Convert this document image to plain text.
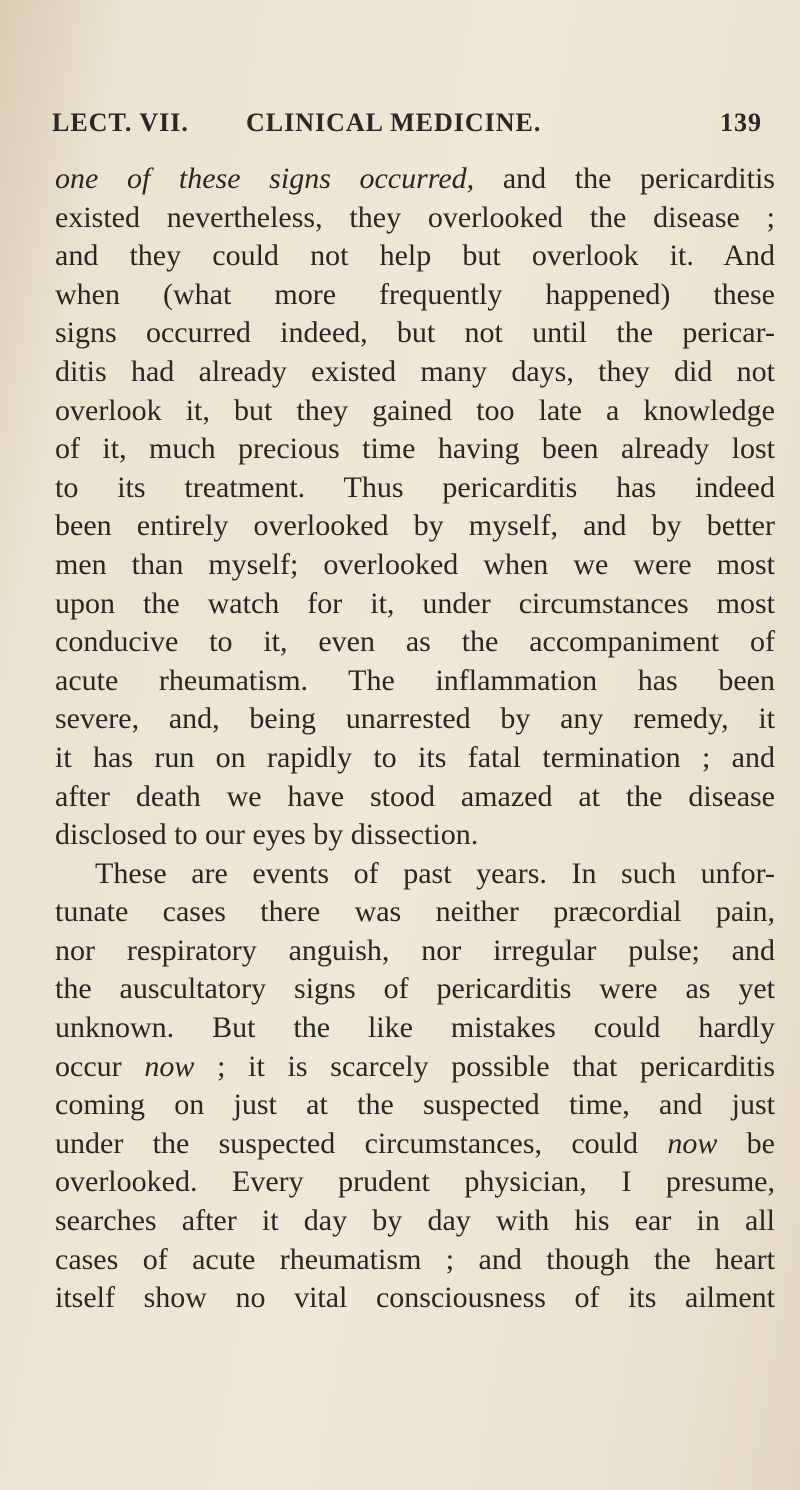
LECT. VII. CLINICAL MEDICINE.	139
one of these signs occurred, and the pericarditis
existed nevertheless, they overlooked the disease ;
and they could not help but overlook it. And
when (what more frequently happened) these
signs occurred indeed, but not until the pericar-
ditis had already existed many days, they did not
overlook it, but they gained too late a knowledge
of it, much precious time having been already lost
to its treatment. Thus pericarditis has indeed
been entirely overlooked by myself, and by better
men than myself; overlooked when we were most
upon the watch for it, under circumstances most
conducive to it, even as the accompaniment of
acute rheumatism. The inflammation has been
severe, and, being unarrested by any remedy, it
it has run on rapidly to its fatal termination ; and
after death we have stood amazed at the disease
disclosed to our eyes by dissection.
These are events of past years. In such unfor-
tunate cases there was neither præcordial pain,
nor respiratory anguish, nor irregular pulse; and
the auscultatory signs of pericarditis were as yet
unknown. But the like mistakes could hardly
occur now ; it is scarcely possible that pericarditis
coming on just at the suspected time, and just
under the suspected circumstances, could now be
overlooked. Every prudent physician, I presume,
searches after it day by day with his ear in all
cases of acute rheumatism ; and though the heart
itself show no vital consciousness of its ailment
